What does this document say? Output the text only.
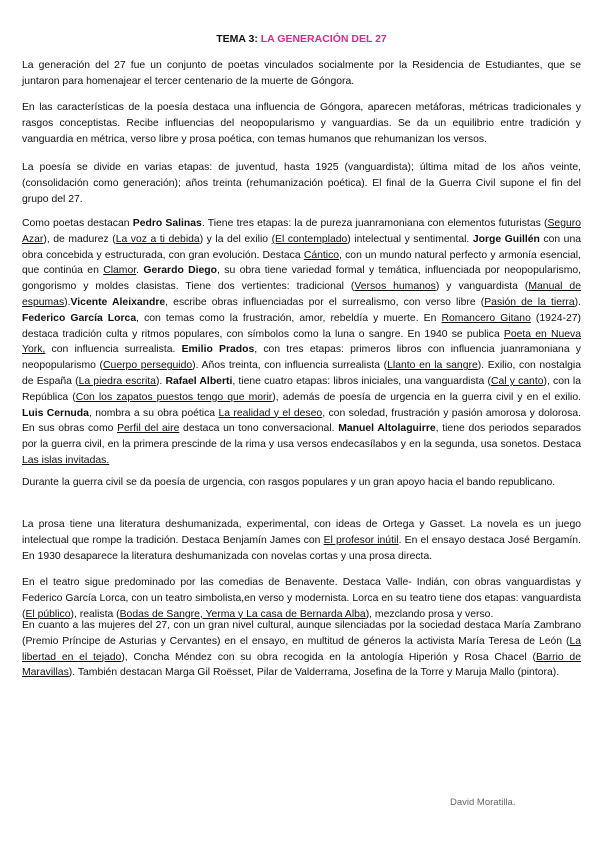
TEMA 3: LA GENERACIÓN DEL 27

La generación del 27 fue un conjunto de poetas vinculados socialmente por la Residencia de Estudiantes, que se juntaron para homenajear el tercer centenario de la muerte de Góngora.

En las características de la poesía destaca una influencia de Góngora, aparecen metáforas, métricas tradicionales y rasgos conceptistas. Recibe influencias del neopopularismo y vanguardias. Se da un equilibrio entre tradición y vanguardia en métrica, verso libre y prosa poética, con temas humanos que rehumanizan los versos.

La poesía se divide en varias etapas: de juventud, hasta 1925 (vanguardista); última mitad de los años veinte, (consolidación como generación); años treinta (rehumanización poética). El final de la Guerra Civil supone el fin del grupo del 27.

Como poetas destacan Pedro Salinas. Tiene tres etapas: la de pureza juanramoniana con elementos futuristas (Seguro Azar), de madurez (La voz a ti debida) y la del exilio (El contemplado) intelectual y sentimental. Jorge Guillén con una obra concebida y estructurada, con gran evolución. Destaca Cántico, con un mundo natural perfecto y armonía esencial, que continúa en Clamor. Gerardo Diego, su obra tiene variedad formal y temática, influenciada por neopopularismo, gongorismo y moldes clasistas. Tiene dos vertientes: tradicional (Versos humanos) y vanguardista (Manual de espumas).Vicente Aleixandre, escribe obras influenciadas por el surrealismo, con verso libre (Pasión de la tierra). Federico García Lorca, con temas como la frustración, amor, rebeldía y muerte. En Romancero Gitano (1924-27) destaca tradición culta y ritmos populares, con símbolos como la luna o sangre. En 1940 se publica Poeta en Nueva York, con influencia surrealista. Emilio Prados, con tres etapas: primeros libros con influencia juanramoniana y neopopularismo (Cuerpo perseguido). Años treinta, con influencia surrealista (Llanto en la sangre). Exilio, con nostalgia de España (La piedra escrita). Rafael Alberti, tiene cuatro etapas: libros iniciales, una vanguardista (Cal y canto), con la República (Con los zapatos puestos tengo que morir), además de poesía de urgencia en la guerra civil y en el exilio. Luis Cernuda, nombra a su obra poética La realidad y el deseo, con soledad, frustración y pasión amorosa y dolorosa. En sus obras como Perfil del aire destaca un tono conversacional. Manuel Altolaguirre, tiene dos periodos separados por la guerra civil, en la primera prescinde de la rima y usa versos endecasílabos y en la segunda, usa sonetos. Destaca Las islas invitadas.

Durante la guerra civil se da poesía de urgencia, con rasgos populares y un gran apoyo hacia el bando republicano.

La prosa tiene una literatura deshumanizada, experimental, con ideas de Ortega y Gasset. La novela es un juego intelectual que rompe la tradición. Destaca Benjamín James con El profesor inútil. En el ensayo destaca José Bergamín. En 1930 desaparece la literatura deshumanizada con novelas cortas y una prosa directa.

En el teatro sigue predominado por las comedias de Benavente. Destaca Valle- Indián, con obras vanguardistas y Federico García Lorca, con un teatro simbolista,en verso y modernista. Lorca en su teatro tiene dos etapas: vanguardista (El público), realista (Bodas de Sangre, Yerma y La casa de Bernarda Alba), mezclando prosa y verso.

En cuanto a las mujeres del 27, con un gran nivel cultural, aunque silenciadas por la sociedad destaca María Zambrano (Premio Príncipe de Asturias y Cervantes) en el ensayo, en multitud de géneros la activista María Teresa de León (La libertad en el tejado), Concha Méndez con su obra recogida en la antología Hiperión y Rosa Chacel (Barrio de Maravillas). También destacan Marga Gil Roësset, Pilar de Valderrama, Josefina de la Torre y Maruja Mallo (pintora).

David Moratilla.
